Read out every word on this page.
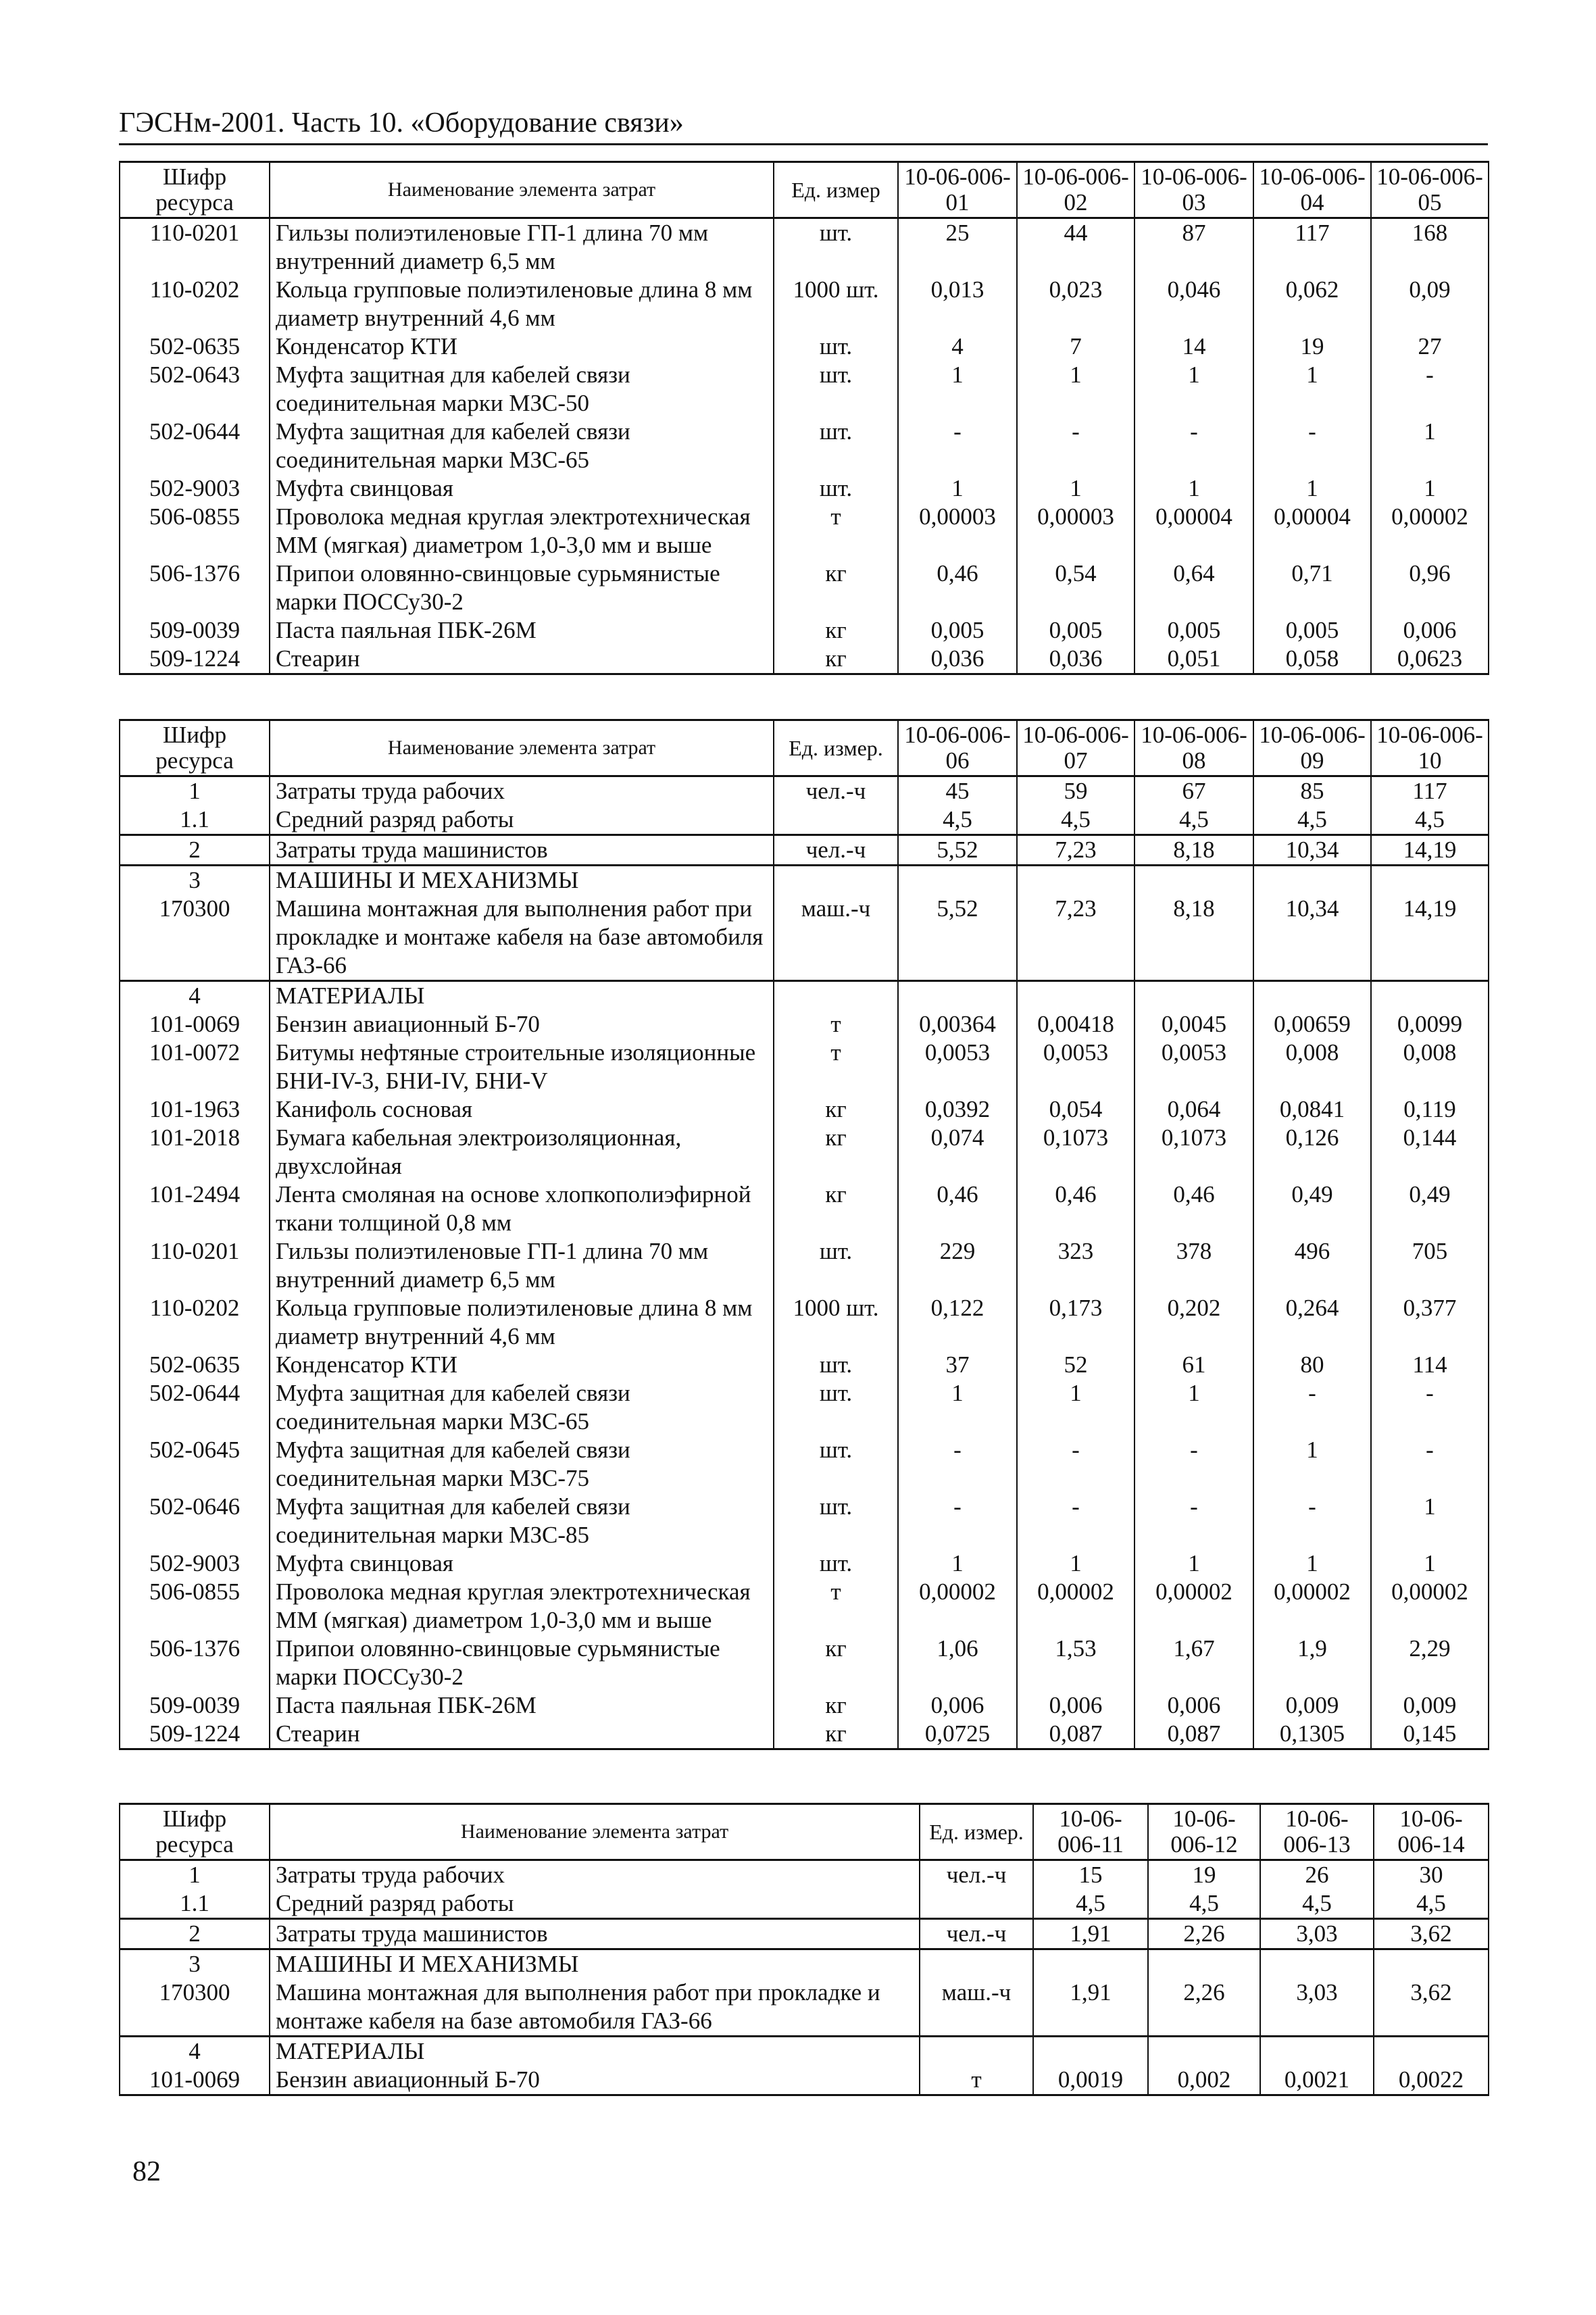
ГЭСНм-2001. Часть 10. «Оборудование связи»
Шифр ресурса	Наименование элемента затрат	Ед. измер	10-06-006-01	10-06-006-02	10-06-006-03	10-06-006-04	10-06-006-05
110-0201	Гильзы полиэтиленовые ГП-1 длина 70 мм внутренний диаметр 6,5 мм	шт.	25	44	87	117	168
110-0202	Кольца групповые полиэтиленовые длина 8 мм диаметр внутренний 4,6 мм	1000 шт.	0,013	0,023	0,046	0,062	0,09
502-0635	Конденсатор КТИ	шт.	4	7	14	19	27
502-0643	Муфта защитная для кабелей связи соединительная марки МЗС-50	шт.	1	1	1	1	-
502-0644	Муфта защитная для кабелей связи соединительная марки МЗС-65	шт.	-	-	-	-	1
502-9003	Муфта свинцовая	шт.	1	1	1	1	1
506-0855	Проволока медная круглая электротехническая ММ (мягкая) диаметром 1,0-3,0 мм и выше	т	0,00003	0,00003	0,00004	0,00004	0,00002
506-1376	Припои оловянно-свинцовые сурьмянистые марки ПОССу30-2	кг	0,46	0,54	0,64	0,71	0,96
509-0039	Паста паяльная ПБК-26М	кг	0,005	0,005	0,005	0,005	0,006
509-1224	Стеарин	кг	0,036	0,036	0,051	0,058	0,0623
Шифр ресурса	Наименование элемента затрат	Ед. измер.	10-06-006-06	10-06-006-07	10-06-006-08	10-06-006-09	10-06-006-10
1	Затраты труда рабочих	чел.-ч	45	59	67	85	117
1.1	Средний разряд работы		4,5	4,5	4,5	4,5	4,5
2	Затраты труда машинистов	чел.-ч	5,52	7,23	8,18	10,34	14,19
3	МАШИНЫ И МЕХАНИЗМЫ						
170300	Машина монтажная для выполнения работ при прокладке и монтаже кабеля на базе автомобиля ГАЗ-66	маш.-ч	5,52	7,23	8,18	10,34	14,19
4	МАТЕРИАЛЫ						
101-0069	Бензин авиационный Б-70	т	0,00364	0,00418	0,0045	0,00659	0,0099
101-0072	Битумы нефтяные строительные изоляционные БНИ-IV-3, БНИ-IV, БНИ-V	т	0,0053	0,0053	0,0053	0,008	0,008
101-1963	Канифоль сосновая	кг	0,0392	0,054	0,064	0,0841	0,119
101-2018	Бумага кабельная электроизоляционная, двухслойная	кг	0,074	0,1073	0,1073	0,126	0,144
101-2494	Лента смоляная на основе хлопкополиэфирной ткани толщиной 0,8 мм	кг	0,46	0,46	0,46	0,49	0,49
110-0201	Гильзы полиэтиленовые ГП-1 длина 70 мм внутренний диаметр 6,5 мм	шт.	229	323	378	496	705
110-0202	Кольца групповые полиэтиленовые длина 8 мм диаметр внутренний 4,6 мм	1000 шт.	0,122	0,173	0,202	0,264	0,377
502-0635	Конденсатор КТИ	шт.	37	52	61	80	114
502-0644	Муфта защитная для кабелей связи соединительная марки МЗС-65	шт.	1	1	1	-	-
502-0645	Муфта защитная для кабелей связи соединительная марки МЗС-75	шт.	-	-	-	1	-
502-0646	Муфта защитная для кабелей связи соединительная марки МЗС-85	шт.	-	-	-	-	1
502-9003	Муфта свинцовая	шт.	1	1	1	1	1
506-0855	Проволока медная круглая электротехническая ММ (мягкая) диаметром 1,0-3,0 мм и выше	т	0,00002	0,00002	0,00002	0,00002	0,00002
506-1376	Припои оловянно-свинцовые сурьмянистые марки ПОССу30-2	кг	1,06	1,53	1,67	1,9	2,29
509-0039	Паста паяльная ПБК-26М	кг	0,006	0,006	0,006	0,009	0,009
509-1224	Стеарин	кг	0,0725	0,087	0,087	0,1305	0,145
Шифр ресурса	Наименование элемента затрат	Ед. измер.	10-06-006-11	10-06-006-12	10-06-006-13	10-06-006-14
1	Затраты труда рабочих	чел.-ч	15	19	26	30
1.1	Средний разряд работы		4,5	4,5	4,5	4,5
2	Затраты труда машинистов	чел.-ч	1,91	2,26	3,03	3,62
3	МАШИНЫ И МЕХАНИЗМЫ					
170300	Машина монтажная для выполнения работ при прокладке и монтаже кабеля на базе автомобиля ГАЗ-66	маш.-ч	1,91	2,26	3,03	3,62
4	МАТЕРИАЛЫ					
101-0069	Бензин авиационный Б-70	т	0,0019	0,002	0,0021	0,0022
82
